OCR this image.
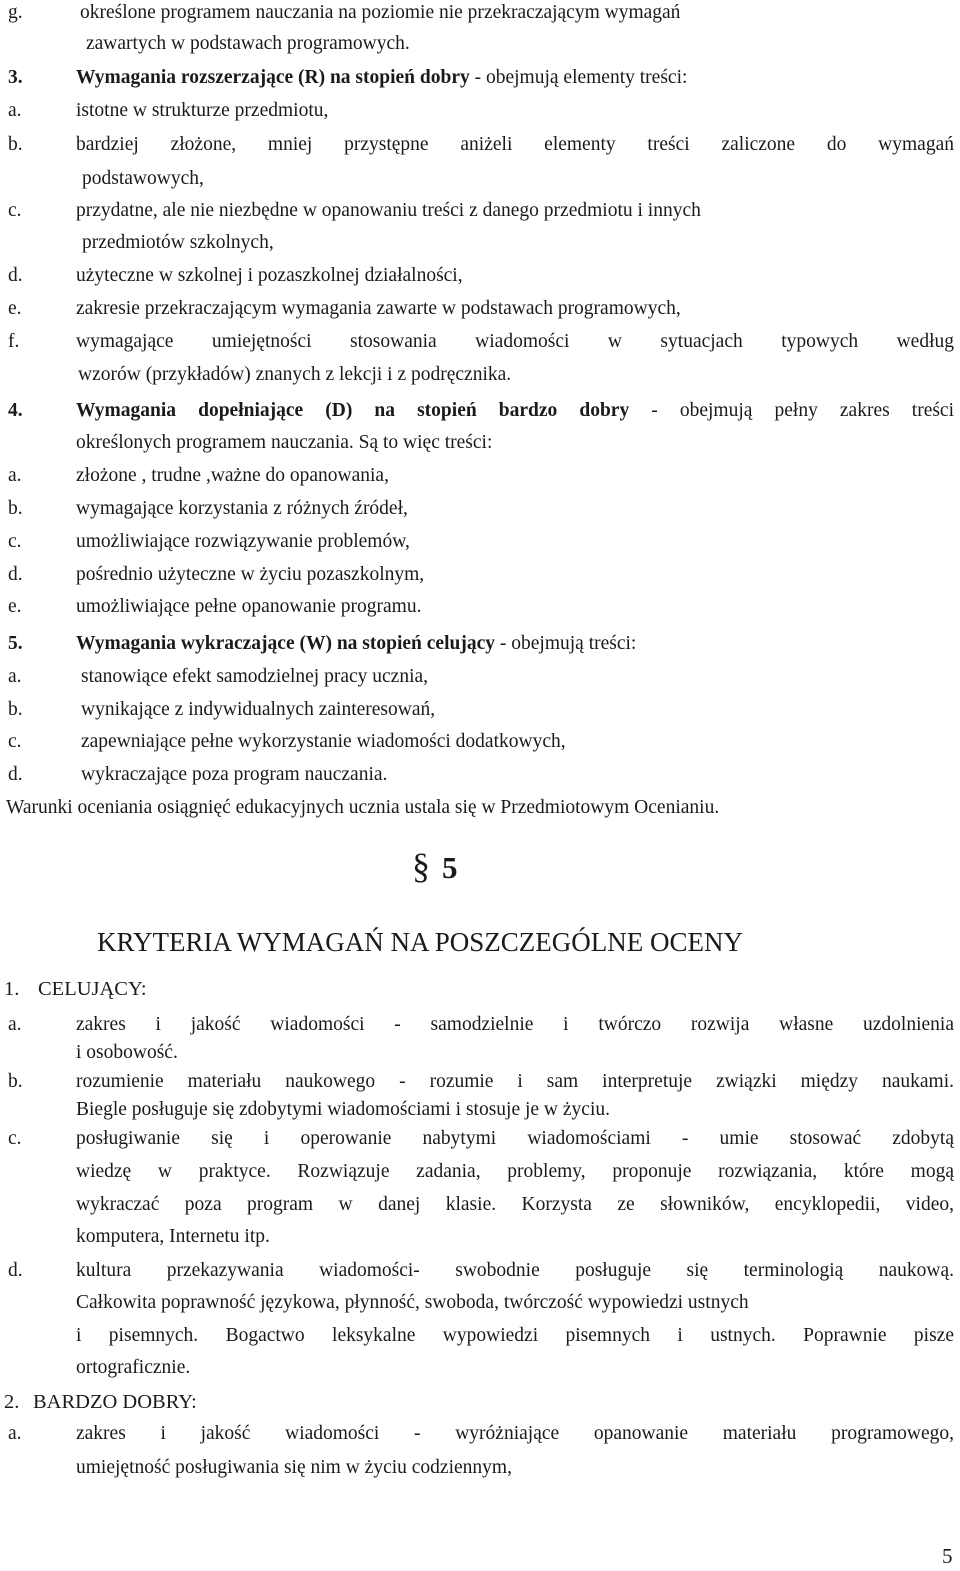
g.	określone programem nauczania na poziomie nie przekraczającym wymagań
zawartych w podstawach programowych.
3.	Wymagania rozszerzające (R) na stopień dobry - obejmują elementy treści:
a.	istotne w strukturze przedmiotu,
b.	bardziej złożone, mniej przystępne aniżeli elementy treści zaliczone do wymagań
podstawowych,
c.	przydatne, ale nie niezbędne w opanowaniu treści z danego przedmiotu i innych
przedmiotów szkolnych,
d.	użyteczne w szkolnej i pozaszkolnej działalności,
e.	zakresie przekraczającym wymagania zawarte w podstawach programowych,
f.	wymagające umiejętności stosowania wiadomości w sytuacjach typowych według
wzorów (przykładów) znanych z lekcji i z podręcznika.
4.	Wymagania dopełniające (D) na stopień bardzo dobry - obejmują pełny zakres treści
określonych programem nauczania. Są to więc treści:
a.	złożone , trudne ,ważne do opanowania,
b.	wymagające korzystania z różnych źródeł,
c.	umożliwiające rozwiązywanie problemów,
d.	pośrednio użyteczne w życiu pozaszkolnym,
e.	umożliwiające pełne opanowanie programu.
5.	Wymagania wykraczające (W) na stopień celujący - obejmują treści:
a.	stanowiące efekt samodzielnej pracy ucznia,
b.	wynikające z indywidualnych zainteresowań,
c.	zapewniające pełne wykorzystanie wiadomości dodatkowych,
d.	wykraczające poza program nauczania.
Warunki oceniania osiągnięć edukacyjnych ucznia ustala się w Przedmiotowym Ocenianiu.
§ 5
KRYTERIA WYMAGAŃ NA POSZCZEGÓLNE OCENY
1. CELUJĄCY:
a.	zakres i jakość wiadomości - samodzielnie i twórczo rozwija własne uzdolnienia
i osobowość.
b.	rozumienie materiału naukowego - rozumie i sam interpretuje związki między naukami.
Biegle posługuje się zdobytymi wiadomościami i stosuje je w życiu.
c.	posługiwanie się i operowanie nabytymi wiadomościami - umie stosować zdobytą
wiedzę w praktyce. Rozwiązuje zadania, problemy, proponuje rozwiązania, które mogą
wykraczać poza program w danej klasie. Korzysta ze słowników, encyklopedii, video,
komputera, Internetu itp.
d.	kultura przekazywania wiadomości- swobodnie posługuje się terminologią naukową.
Całkowita poprawność językowa, płynność, swoboda, twórczość wypowiedzi ustnych
i pisemnych. Bogactwo leksykalne wypowiedzi pisemnych i ustnych. Poprawnie pisze
ortograficznie.
2. BARDZO DOBRY:
a.	zakres i jakość wiadomości - wyróżniające opanowanie materiału programowego,
umiejętność posługiwania się nim w życiu codziennym,
5
